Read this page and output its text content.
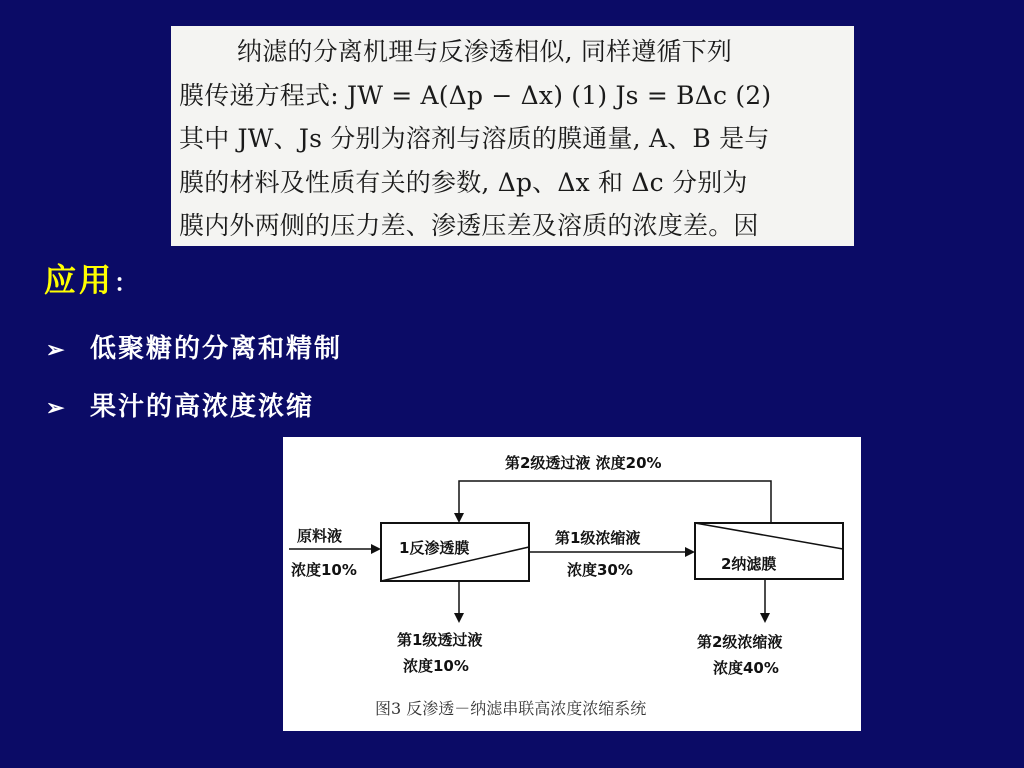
纳滤的分离机理与反渗透相似, 同样遵循下列
膜传递方程式: JW = A(Δp − Δx) (1) Js = BΔc (2)
其中 JW、Js 分别为溶剂与溶质的膜通量, A、B 是与
膜的材料及性质有关的参数, Δp、Δx 和 Δc 分别为
膜内外两侧的压力差、渗透压差及溶质的浓度差。因
应用：
➢ 低聚糖的分离和精制
➢ 果汁的高浓度浓缩
第2级透过液 浓度20%
原料液
浓度10%
1反渗透膜
第1级浓缩液
浓度30%	2纳滤膜
第1级透过液
浓度10%
第2级浓缩液
浓度40%
图3 反渗透－纳滤串联高浓度浓缩系统
